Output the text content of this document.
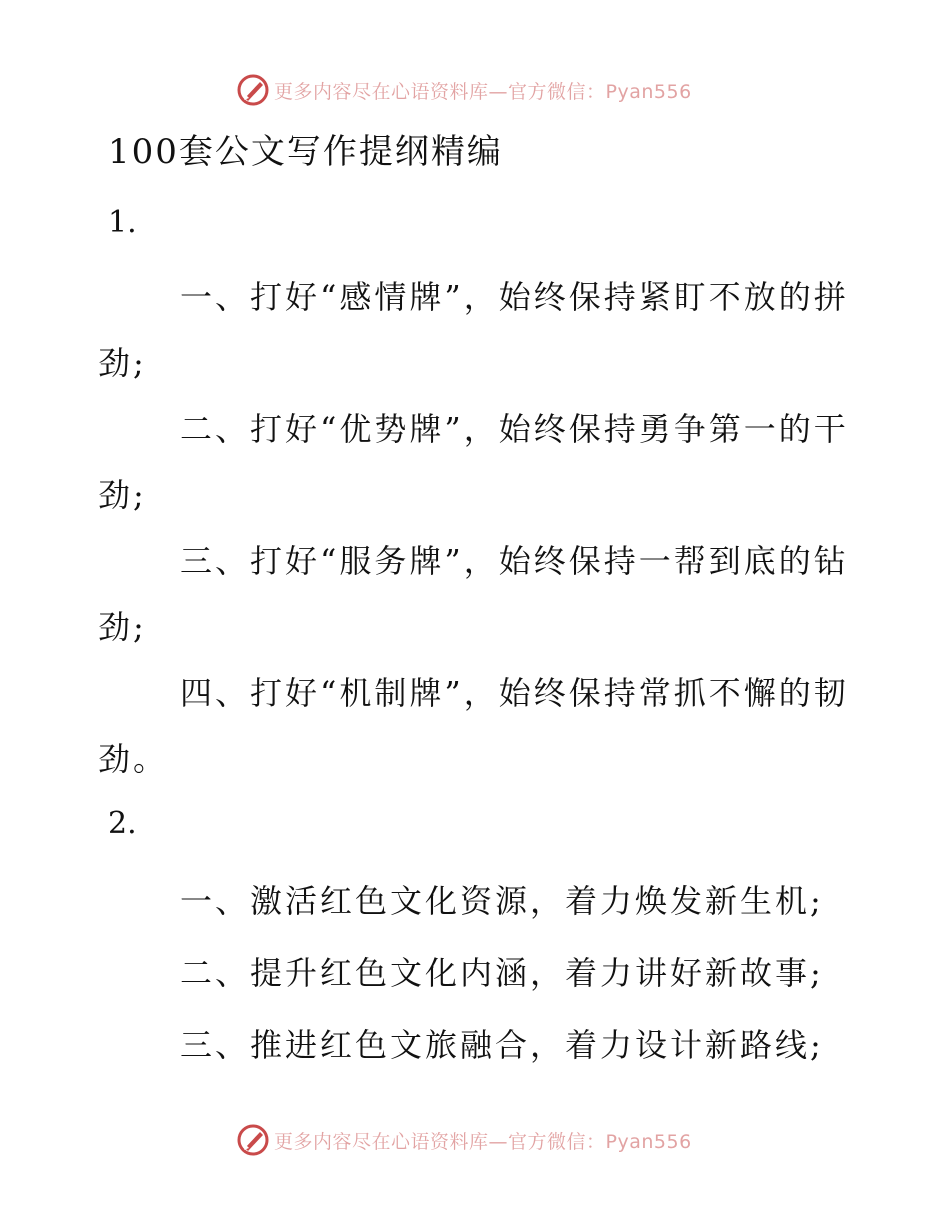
更多内容尽在心语资料库—官方微信：Pyan556
100套公文写作提纲精编
1.
一、打好“感情牌”，始终保持紧盯不放的拼劲;
二、打好“优势牌”，始终保持勇争第一的干劲;
三、打好“服务牌”，始终保持一帮到底的钻劲;
四、打好“机制牌”，始终保持常抓不懈的韧劲。
2.
一、激活红色文化资源，着力焕发新生机;
二、提升红色文化内涵，着力讲好新故事;
三、推进红色文旅融合，着力设计新路线;
更多内容尽在心语资料库—官方微信：Pyan556
